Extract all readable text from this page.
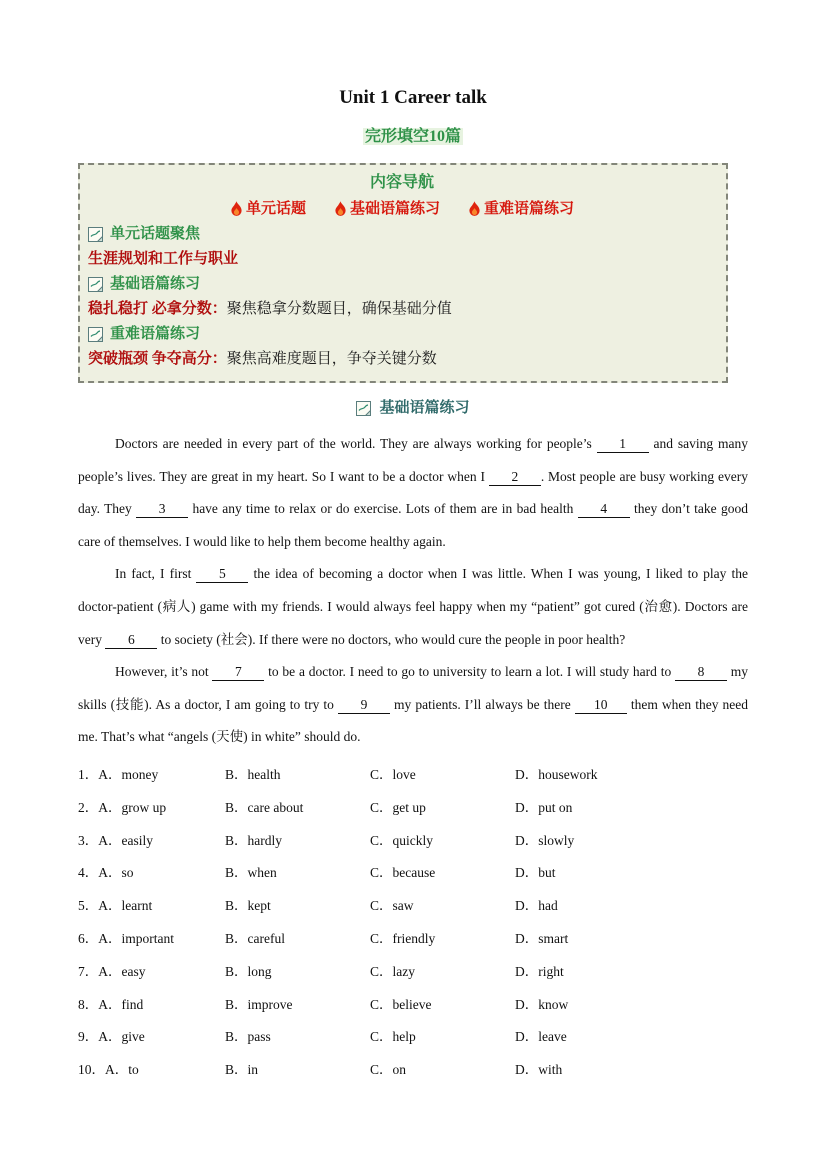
Unit 1 Career talk
完形填空10篇
内容导航
单元话题	基础语篇练习	重难语篇练习
单元话题聚焦
生涯规划和工作与职业
基础语篇练习
稳扎稳打 必拿分数：聚焦稳拿分数题目，确保基础分值
重难语篇练习
突破瓶颈 争夺高分：聚焦高难度题目，争夺关键分数
基础语篇练习

Doctors are needed in every part of the world. They are always working for people’s 1 and saving many people’s lives. They are great in my heart. So I want to be a doctor when I 2 . Most people are busy working every day. They 3 have any time to relax or do exercise. Lots of them are in bad health 4 they don’t take good care of themselves. I would like to help them become healthy again.

In fact, I first 5 the idea of becoming a doctor when I was little. When I was young, I liked to play the doctor-patient (病人) game with my friends. I would always feel happy when my “patient” got cured (治愈). Doctors are very 6 to society (社会). If there were no doctors, who would cure the people in poor health?

However, it’s not 7 to be a doctor. I need to go to university to learn a lot. I will study hard to 8 my skills (技能). As a doctor, I am going to try to 9 my patients. I’ll always be there 10 them when they need me. That’s what “angels (天使) in white” should do.

1．A．money	B．health	C．love	D．housework
2．A．grow up	B．care about	C．get up	D．put on
3．A．easily	B．hardly	C．quickly	D．slowly
4．A．so	B．when	C．because	D．but
5．A．learnt	B．kept	C．saw	D．had
6．A．important	B．careful	C．friendly	D．smart
7．A．easy	B．long	C．lazy	D．right
8．A．find	B．improve	C．believe	D．know
9．A．give	B．pass	C．help	D．leave
10．A．to	B．in	C．on	D．with
